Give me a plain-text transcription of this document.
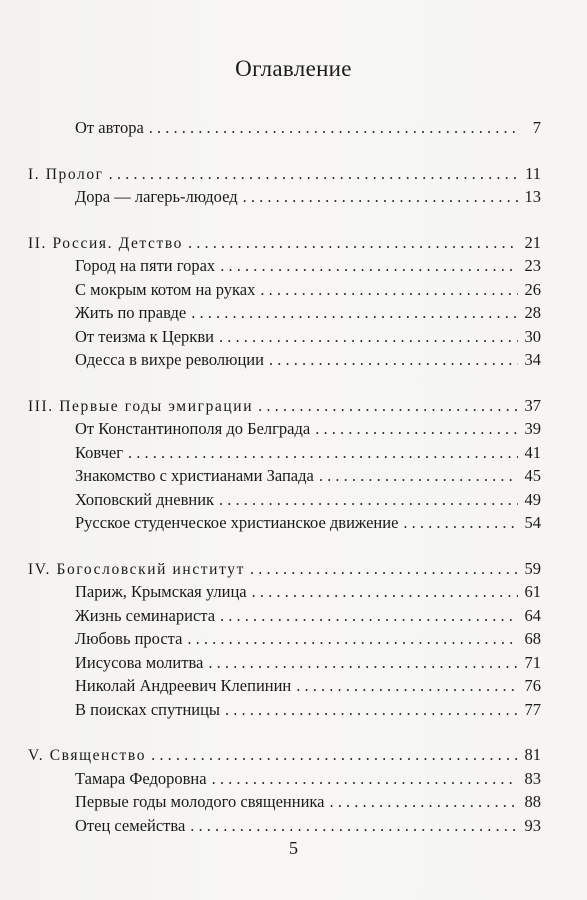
Оглавление
От автора . . .	7
I. Пролог . . .	11
Дора — лагерь-людоед . . .	13
II. Россия. Детство . . .	21
Город на пяти горах . . .	23
С мокрым котом на руках . . .	26
Жить по правде . . .	28
От теизма к Церкви . . .	30
Одесса в вихре революции . . .	34
III. Первые годы эмиграции . . .	37
От Константинополя до Белграда . . .	39
Ковчег . . .	41
Знакомство с христианами Запада . . .	45
Хоповский дневник . . .	49
Русское студенческое христианское движение . . .	54
IV. Богословский институт . . .	59
Париж, Крымская улица . . .	61
Жизнь семинариста . . .	64
Любовь проста . . .	68
Иисусова молитва . . .	71
Николай Андреевич Клепинин . . .	76
В поисках спутницы . . .	77
V. Священство . . .	81
Тамара Федоровна . . .	83
Первые годы молодого священника . . .	88
Отец семейства . . .	93
5
